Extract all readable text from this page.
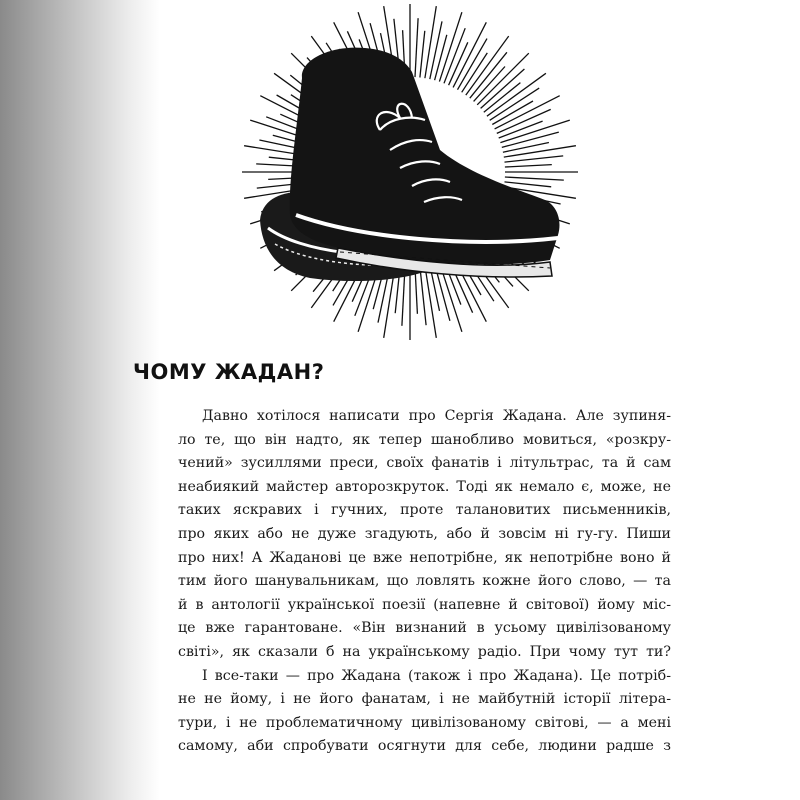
ЧОМУ ЖАДАН?
Давно хотілося написати про Сергія Жадана. Але зупиня-
ло те, що він надто, як тепер шанобливо мовиться, «розкру-
чений» зусиллями преси, своїх фанатів і літультрас, та й сам
неабиякий майстер авторозкруток. Тоді як немало є, може, не
таких яскравих і гучних, проте талановитих письменників,
про яких або не дуже згадують, або й зовсім ні гу-гу. Пиши
про них! А Жаданові це вже непотрібне, як непотрібне воно й
тим його шанувальникам, що ловлять кожне його слово, — та
й в антології української поезії (напевне й світової) йому міс-
це вже гарантоване. «Він визнаний в усьому цивілізованому
світі», як сказали б на українському радіо. При чому тут ти?
І все-таки — про Жадана (також і про Жадана). Це потріб-
не не йому, і не його фанатам, і не майбутній історії літера-
тури, і не проблематичному цивілізованому світові, — а мені
самому, аби спробувати осягнути для себе, людини радше з
